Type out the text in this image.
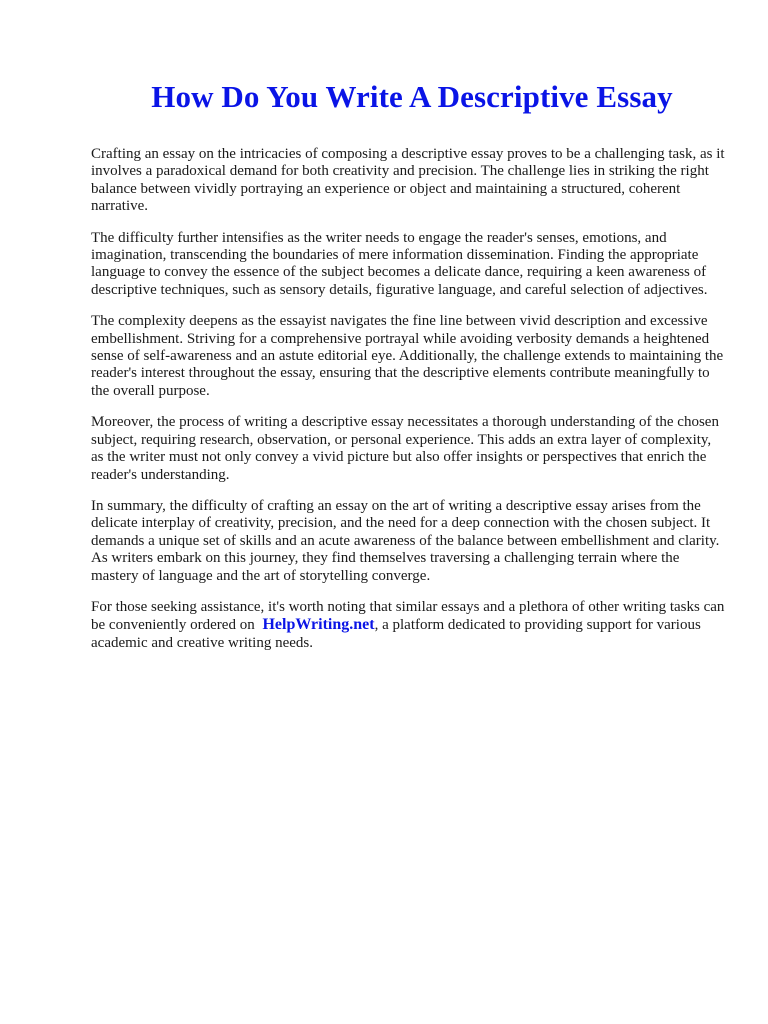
How Do You Write A Descriptive Essay

Crafting an essay on the intricacies of composing a descriptive essay proves to be a challenging task, as it involves a paradoxical demand for both creativity and precision. The challenge lies in striking the right balance between vividly portraying an experience or object and maintaining a structured, coherent narrative.

The difficulty further intensifies as the writer needs to engage the reader's senses, emotions, and imagination, transcending the boundaries of mere information dissemination. Finding the appropriate language to convey the essence of the subject becomes a delicate dance, requiring a keen awareness of descriptive techniques, such as sensory details, figurative language, and careful selection of adjectives.

The complexity deepens as the essayist navigates the fine line between vivid description and excessive embellishment. Striving for a comprehensive portrayal while avoiding verbosity demands a heightened sense of self-awareness and an astute editorial eye. Additionally, the challenge extends to maintaining the reader's interest throughout the essay, ensuring that the descriptive elements contribute meaningfully to the overall purpose.

Moreover, the process of writing a descriptive essay necessitates a thorough understanding of the chosen subject, requiring research, observation, or personal experience. This adds an extra layer of complexity, as the writer must not only convey a vivid picture but also offer insights or perspectives that enrich the reader's understanding.

In summary, the difficulty of crafting an essay on the art of writing a descriptive essay arises from the delicate interplay of creativity, precision, and the need for a deep connection with the chosen subject. It demands a unique set of skills and an acute awareness of the balance between embellishment and clarity. As writers embark on this journey, they find themselves traversing a challenging terrain where the mastery of language and the art of storytelling converge.

For those seeking assistance, it's worth noting that similar essays and a plethora of other writing tasks can be conveniently ordered on HelpWriting.net, a platform dedicated to providing support for various academic and creative writing needs.
